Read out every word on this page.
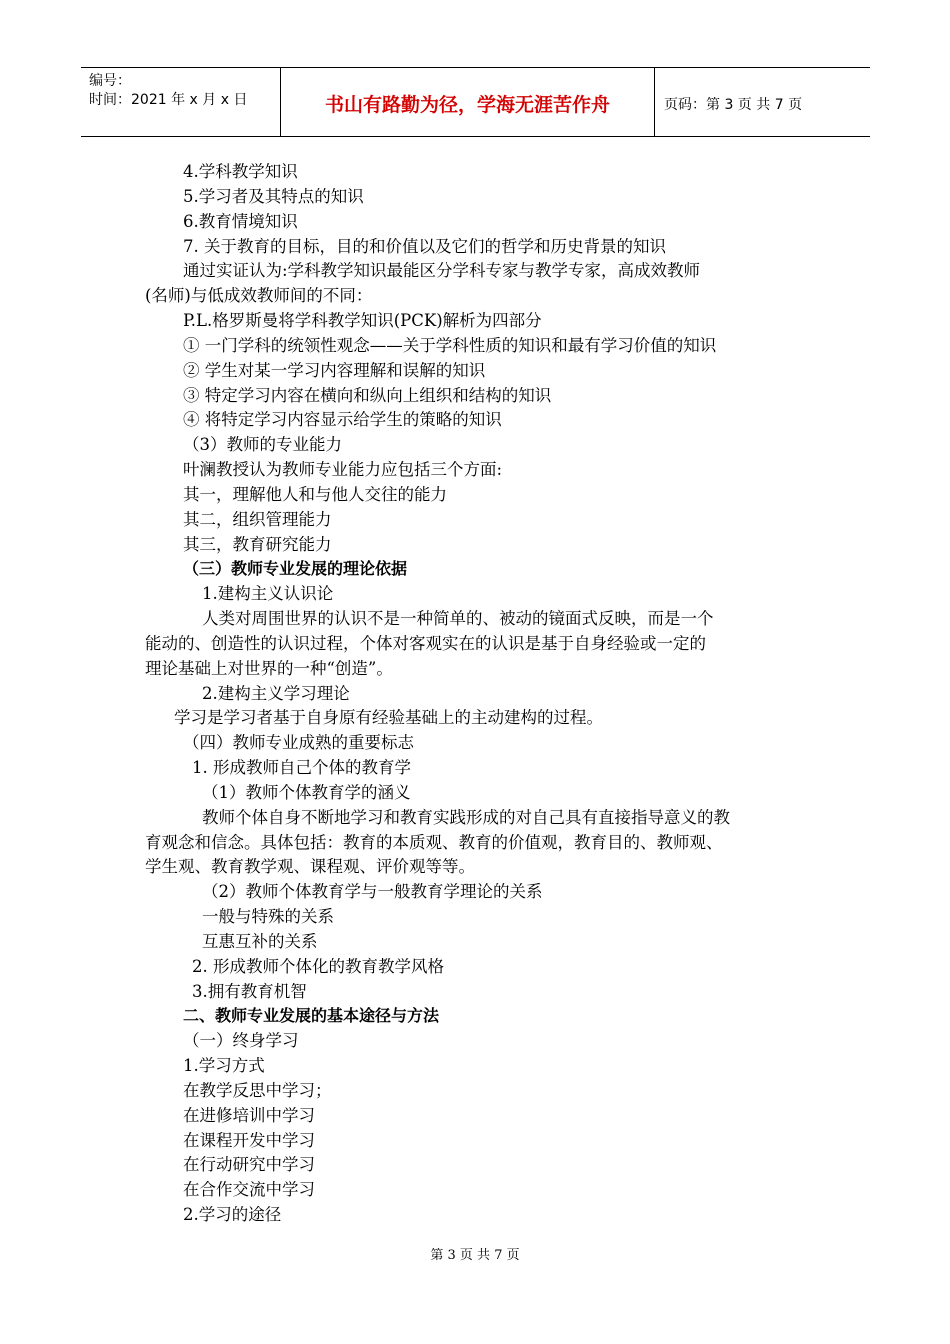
编号：
时间：2021 年 x 月 x 日	书山有路勤为径，学海无涯苦作舟	页码：第 3 页 共 7 页
4.学科教学知识
5.学习者及其特点的知识
6.教育情境知识
7. 关于教育的目标，目的和价值以及它们的哲学和历史背景的知识
通过实证认为:学科教学知识最能区分学科专家与教学专家，高成效教师
(名师)与低成效教师间的不同：
P.L.格罗斯曼将学科教学知识(PCK)解析为四部分
① 一门学科的统领性观念——关于学科性质的知识和最有学习价值的知识
② 学生对某一学习内容理解和误解的知识
③ 特定学习内容在横向和纵向上组织和结构的知识
④ 将特定学习内容显示给学生的策略的知识
（3）教师的专业能力
叶澜教授认为教师专业能力应包括三个方面:
其一，理解他人和与他人交往的能力
其二，组织管理能力
其三，教育研究能力
（三）教师专业发展的理论依据
1.建构主义认识论
人类对周围世界的认识不是一种简单的、被动的镜面式反映，而是一个
能动的、创造性的认识过程，个体对客观实在的认识是基于自身经验或一定的
理论基础上对世界的一种“创造”。
2.建构主义学习理论
学习是学习者基于自身原有经验基础上的主动建构的过程。
（四）教师专业成熟的重要标志
1. 形成教师自己个体的教育学
（1）教师个体教育学的涵义
教师个体自身不断地学习和教育实践形成的对自己具有直接指导意义的教
育观念和信念。具体包括：教育的本质观、教育的价值观，教育目的、教师观、
学生观、教育教学观、课程观、评价观等等。
（2）教师个体教育学与一般教育学理论的关系
一般与特殊的关系
互惠互补的关系
2. 形成教师个体化的教育教学风格
3.拥有教育机智
二、教师专业发展的基本途径与方法
（一）终身学习
1.学习方式
在教学反思中学习；
在进修培训中学习
在课程开发中学习
在行动研究中学习
在合作交流中学习
2.学习的途径
第 3 页 共 7 页
